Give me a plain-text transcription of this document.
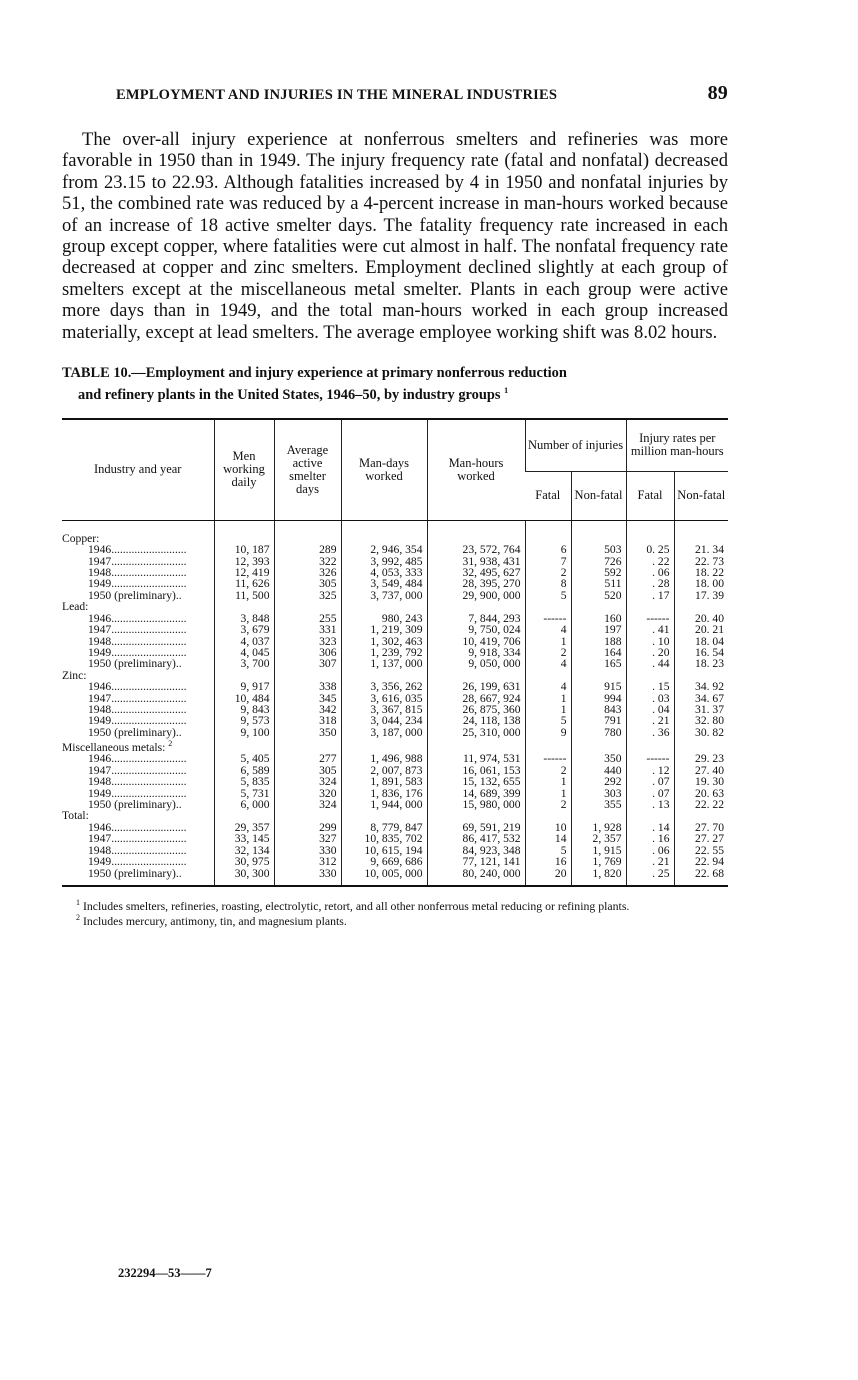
EMPLOYMENT AND INJURIES IN THE MINERAL INDUSTRIES	89

The over-all injury experience at nonferrous smelters and refineries was more favorable in 1950 than in 1949. The injury frequency rate (fatal and nonfatal) decreased from 23.15 to 22.93. Although fatalities increased by 4 in 1950 and nonfatal injuries by 51, the combined rate was reduced by a 4-percent increase in man-hours worked because of an increase of 18 active smelter days. The fatality frequency rate increased in each group except copper, where fatalities were cut almost in half. The nonfatal frequency rate decreased at copper and zinc smelters. Employment declined slightly at each group of smelters except at the miscellaneous metal smelter. Plants in each group were active more days than in 1949, and the total man-hours worked in each group increased materially, except at lead smelters. The average employee working shift was 8.02 hours.

TABLE 10.—Employment and injury experience at primary nonferrous reduction
and refinery plants in the United States, 1946–50, by industry groups $^1$
Industry and year	Men working daily	Average active smelter days	Man-days worked	Man-hours worked	Number of injuries		Injury rates per million man-hours	
					Fatal	Non-fatal	Fatal	Non-fatal
Copper:								
1946..........................	10, 187	289	2, 946, 354	23, 572, 764	6	503	0. 25	21. 34
1947..........................	12, 393	322	3, 992, 485	31, 938, 431	7	726	. 22	22. 73
1948..........................	12, 419	326	4, 053, 333	32, 495, 627	2	592	. 06	18. 22
1949..........................	11, 626	305	3, 549, 484	28, 395, 270	8	511	. 28	18. 00
1950 (preliminary)..	11, 500	325	3, 737, 000	29, 900, 000	5	520	. 17	17. 39
Lead:								
1946..........................	3, 848	255	980, 243	7, 844, 293	------	160	------	20. 40
1947..........................	3, 679	331	1, 219, 309	9, 750, 024	4	197	. 41	20. 21
1948..........................	4, 037	323	1, 302, 463	10, 419, 706	1	188	. 10	18. 04
1949..........................	4, 045	306	1, 239, 792	9, 918, 334	2	164	. 20	16. 54
1950 (preliminary)..	3, 700	307	1, 137, 000	9, 050, 000	4	165	. 44	18. 23
Zinc:								
1946..........................	9, 917	338	3, 356, 262	26, 199, 631	4	915	. 15	34. 92
1947..........................	10, 484	345	3, 616, 035	28, 667, 924	1	994	. 03	34. 67
1948..........................	9, 843	342	3, 367, 815	26, 875, 360	1	843	. 04	31. 37
1949..........................	9, 573	318	3, 044, 234	24, 118, 138	5	791	. 21	32. 80
1950 (preliminary)..	9, 100	350	3, 187, 000	25, 310, 000	9	780	. 36	30. 82
Miscellaneous metals: $^2$								
1946..........................	5, 405	277	1, 496, 988	11, 974, 531	------	350	------	29. 23
1947..........................	6, 589	305	2, 007, 873	16, 061, 153	2	440	. 12	27. 40
1948..........................	5, 835	324	1, 891, 583	15, 132, 655	1	292	. 07	19. 30
1949..........................	5, 731	320	1, 836, 176	14, 689, 399	1	303	. 07	20. 63
1950 (preliminary)..	6, 000	324	1, 944, 000	15, 980, 000	2	355	. 13	22. 22
Total:								
1946..........................	29, 357	299	8, 779, 847	69, 591, 219	10	1, 928	. 14	27. 70
1947..........................	33, 145	327	10, 835, 702	86, 417, 532	14	2, 357	. 16	27. 27
1948..........................	32, 134	330	10, 615, 194	84, 923, 348	5	1, 915	. 06	22. 55
1949..........................	30, 975	312	9, 669, 686	77, 121, 141	16	1, 769	. 21	22. 94
1950 (preliminary)..	30, 300	330	10, 005, 000	80, 240, 000	20	1, 820	. 25	22. 68

$^1$ Includes smelters, refineries, roasting, electrolytic, retort, and all other nonferrous metal reducing or refining plants.

$^2$ Includes mercury, antimony, tin, and magnesium plants.

232294—53——7
